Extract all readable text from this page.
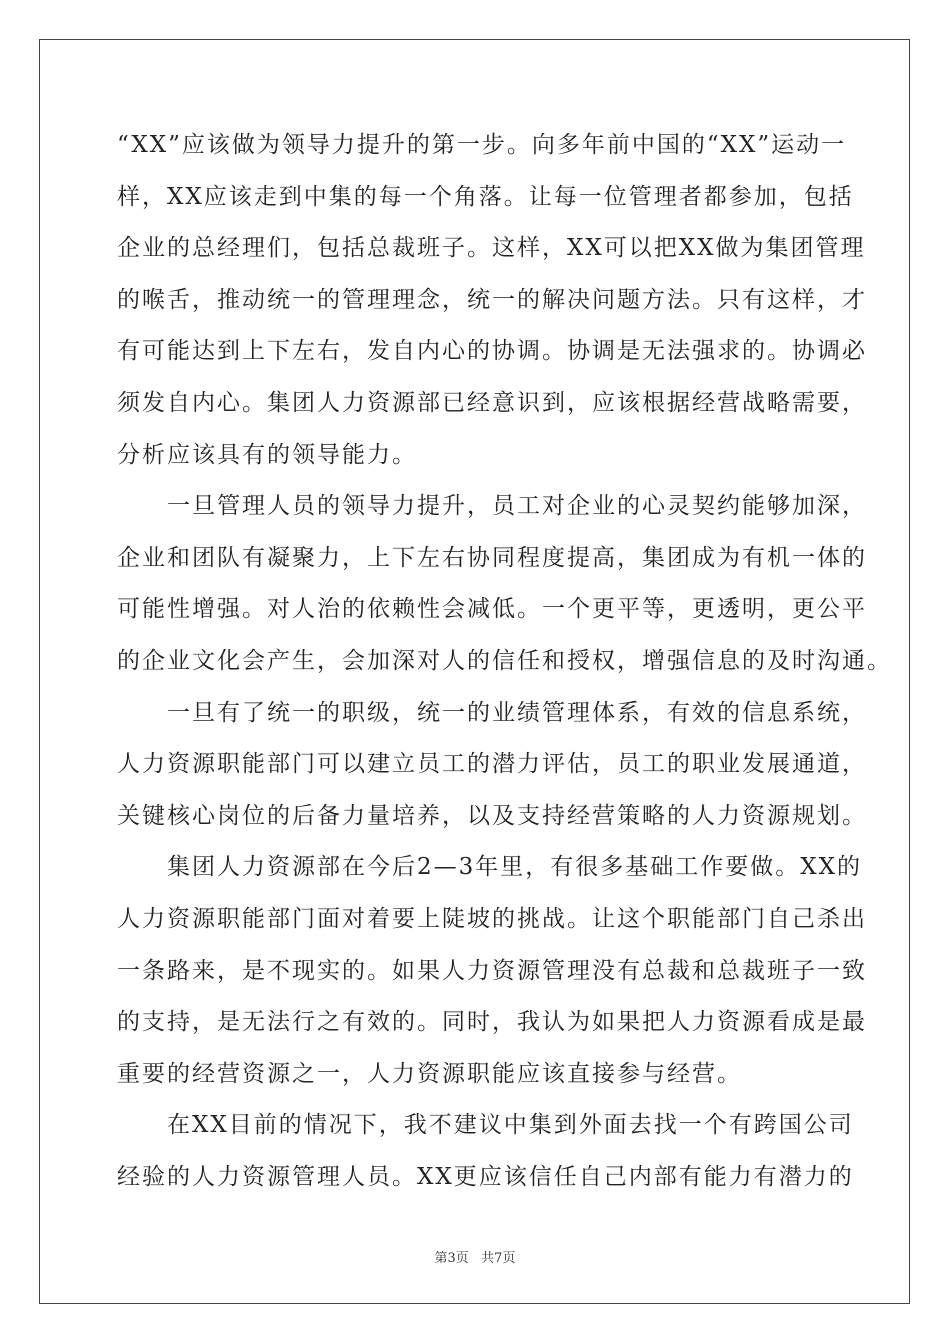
“XX”应该做为领导力提升的第一步。向多年前中国的“XX”运动一
样，XX应该走到中集的每一个角落。让每一位管理者都参加，包括
企业的总经理们，包括总裁班子。这样，XX可以把XX做为集团管理
的喉舌，推动统一的管理理念，统一的解决问题方法。只有这样，才
有可能达到上下左右，发自内心的协调。协调是无法强求的。协调必
须发自内心。集团人力资源部已经意识到，应该根据经营战略需要，
分析应该具有的领导能力。
一旦管理人员的领导力提升，员工对企业的心灵契约能够加深，
企业和团队有凝聚力，上下左右协同程度提高，集团成为有机一体的
可能性增强。对人治的依赖性会减低。一个更平等，更透明，更公平
的企业文化会产生，会加深对人的信任和授权，增强信息的及时沟通。
一旦有了统一的职级，统一的业绩管理体系，有效的信息系统，
人力资源职能部门可以建立员工的潜力评估，员工的职业发展通道，
关键核心岗位的后备力量培养，以及支持经营策略的人力资源规划。
集团人力资源部在今后2—3年里，有很多基础工作要做。XX的
人力资源职能部门面对着要上陡坡的挑战。让这个职能部门自己杀出
一条路来，是不现实的。如果人力资源管理没有总裁和总裁班子一致
的支持，是无法行之有效的。同时，我认为如果把人力资源看成是最
重要的经营资源之一，人力资源职能应该直接参与经营。
在XX目前的情况下，我不建议中集到外面去找一个有跨国公司
经验的人力资源管理人员。XX更应该信任自己内部有能力有潜力的
第3页   共7页
